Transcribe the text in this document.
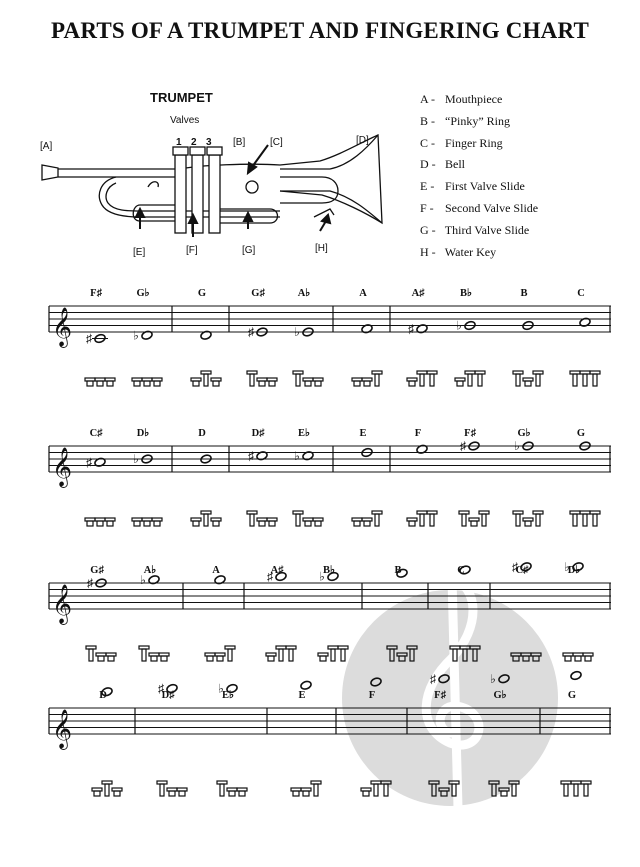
PARTS OF A TRUMPET AND FINGERING CHART
TRUMPET
Valves
1 2 3
[A]	[B] [C]	[D]
[E]	[F]	[G]	[H]
A - Mouthpiece
B - “Pinky” Ring
C - Finger Ring
D - Bell
E - First Valve Slide
F - Second Valve Slide
G - Third Valve Slide
H - Water Key
𝄞
F♯
♯
G♭
♭
G	G♯
♯
A♭
♭
A	A♯
♯
B♭
♭
B	C
𝄞
C♯
♯
D♭
♭
D	D♯
♯
E♭
♭
E	F	F♯
♯
G♭
♭
G
𝄞
G♯
♯
A♭
♭
A	A♯
♯	B♭
♭	B	C	C♯
♯	D♭
♭
𝄞
D	D♯
♯	E♭
♭	E	F	F♯
♯
G♭
♭
G
